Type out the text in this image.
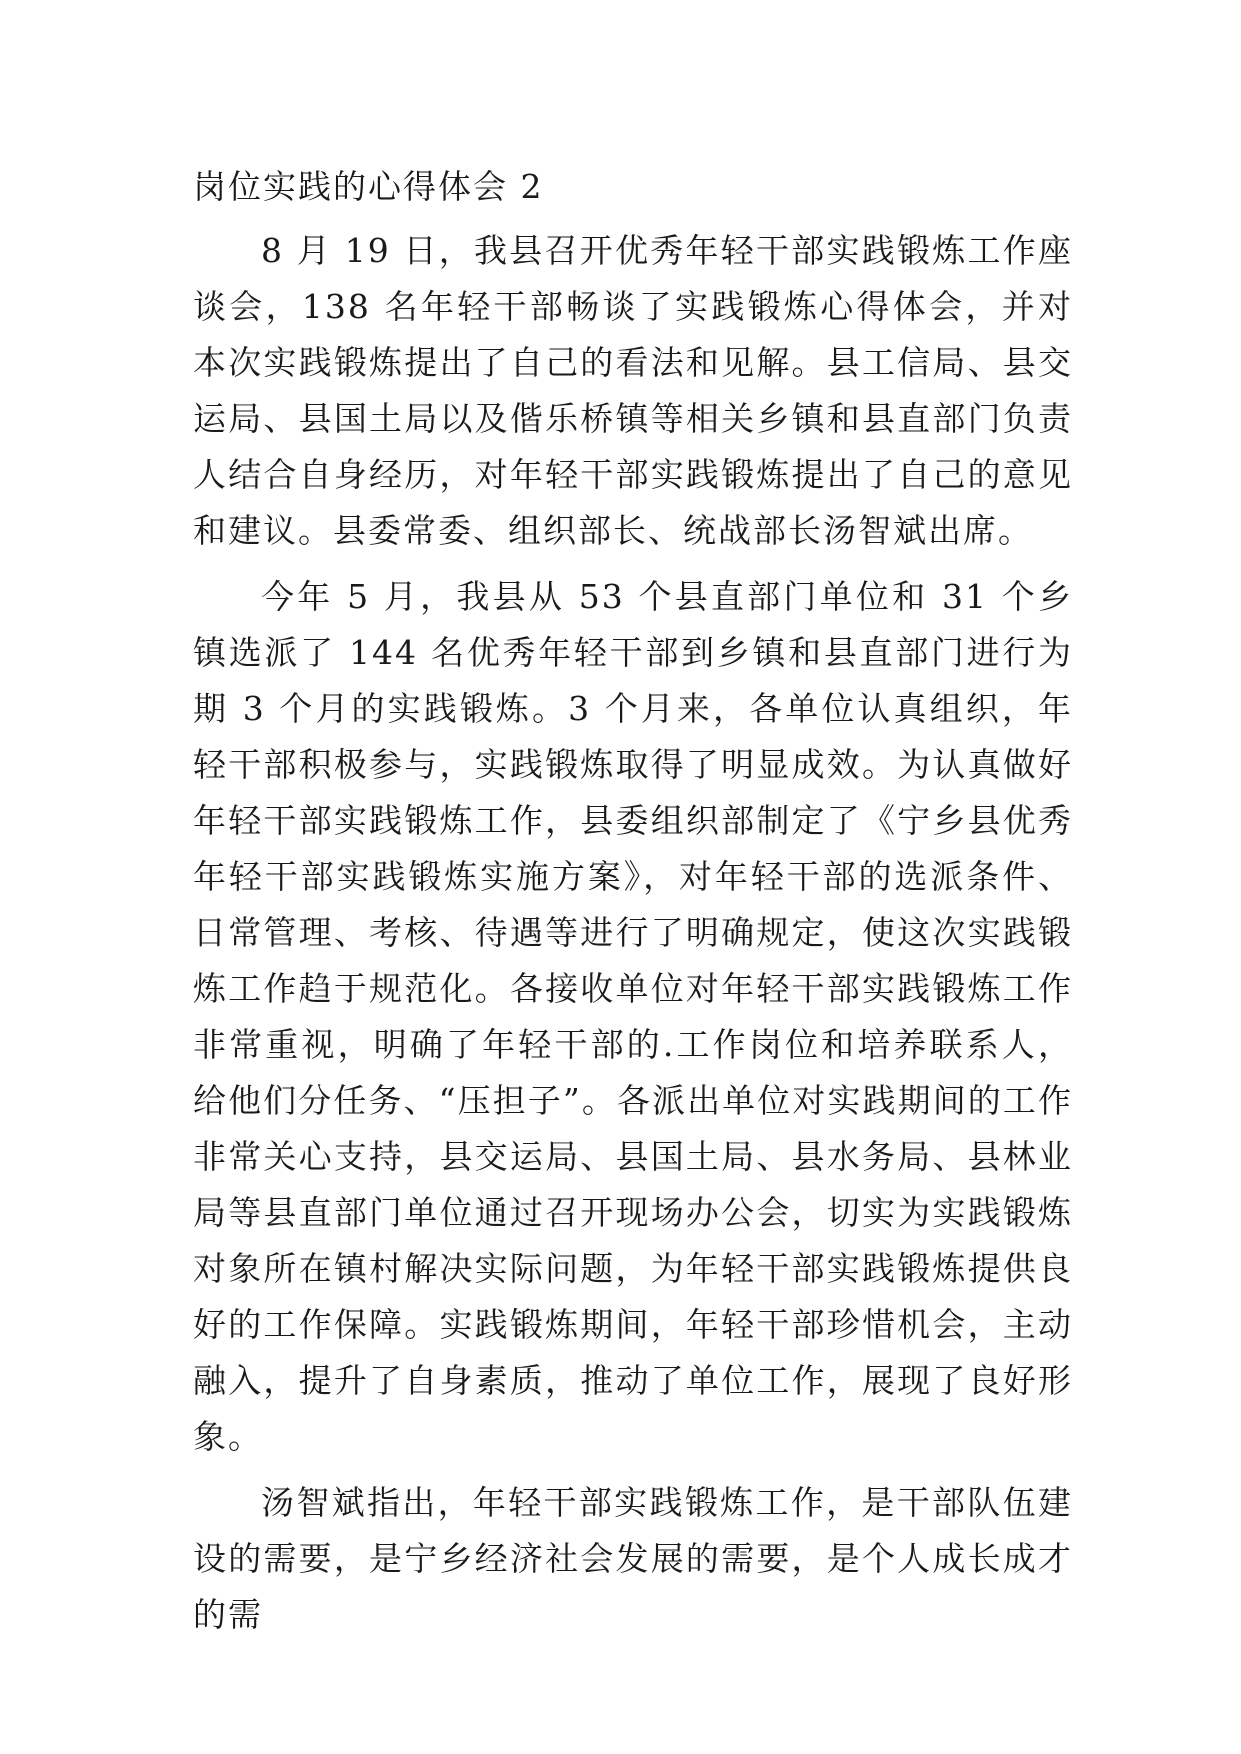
岗位实践的心得体会 2

8 月 19 日，我县召开优秀年轻干部实践锻炼工作座谈会，138 名年轻干部畅谈了实践锻炼心得体会，并对本次实践锻炼提出了自己的看法和见解。县工信局、县交运局、县国土局以及偕乐桥镇等相关乡镇和县直部门负责人结合自身经历，对年轻干部实践锻炼提出了自己的意见和建议。县委常委、组织部长、统战部长汤智斌出席。

今年 5 月，我县从 53 个县直部门单位和 31 个乡镇选派了 144 名优秀年轻干部到乡镇和县直部门进行为期 3 个月的实践锻炼。3 个月来，各单位认真组织，年轻干部积极参与，实践锻炼取得了明显成效。为认真做好年轻干部实践锻炼工作，县委组织部制定了《宁乡县优秀年轻干部实践锻炼实施方案》，对年轻干部的选派条件、日常管理、考核、待遇等进行了明确规定，使这次实践锻炼工作趋于规范化。各接收单位对年轻干部实践锻炼工作非常重视，明确了年轻干部的.工作岗位和培养联系人，给他们分任务、“压担子”。各派出单位对实践期间的工作非常关心支持，县交运局、县国土局、县水务局、县林业局等县直部门单位通过召开现场办公会，切实为实践锻炼对象所在镇村解决实际问题，为年轻干部实践锻炼提供良好的工作保障。实践锻炼期间，年轻干部珍惜机会，主动融入，提升了自身素质，推动了单位工作，展现了良好形象。

汤智斌指出，年轻干部实践锻炼工作，是干部队伍建设的需要，是宁乡经济社会发展的需要，是个人成长成才的需
